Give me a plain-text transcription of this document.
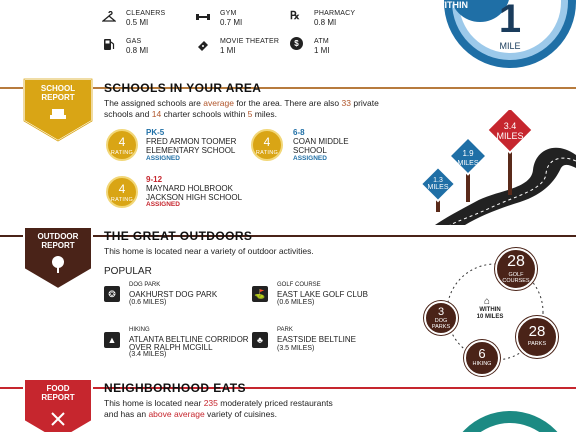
CLEANERS
0.5 MI
GYM
0.7 MI
℞ PHARMACY
0.8 MI
GAS
0.8 MI
MOVIE THEATER
1 MI
$	ATM
1 MI
WITHIN 1
MILE
SCHOOL
REPORT
SCHOOLS IN YOUR AREA
The assigned schools are average for the area. There are also 33 private schools and 14 charter schools within 5 miles.
4
RATING
PK-5
FRED ARMON TOOMER
ELEMENTARY SCHOOL
ASSIGNED
4
RATING
6-8
COAN MIDDLE
SCHOOL
ASSIGNED
4
RATING
9-12
MAYNARD HOLBROOK
JACKSON HIGH SCHOOL
ASSIGNED
3.4
MILES
1.9
MILES
1.3
MILES
OUTDOOR
REPORT
THE GREAT OUTDOORS
This home is located near a variety of outdoor activities.
POPULAR
❂
DOG PARK
OAKHURST DOG PARK
(0.6 MILES)
⛳
GOLF COURSE
EAST LAKE GOLF CLUB
(0.6 MILES)
▲
HIKING
ATLANTA BELTLINE CORRIDOR
OVER RALPH MCGILL
(3.4 MILES)
♣
PARK
EASTSIDE BELTLINE
(3.5 MILES)
28
GOLF COURSES
3
DOG
PARKS	28
PARKS
6
HIKING
⌂
WITHIN
10 MILES
FOOD
REPORT
NEIGHBORHOOD EATS
This home is located near 235 moderately priced restaurants
and has an above average variety of cuisines.
